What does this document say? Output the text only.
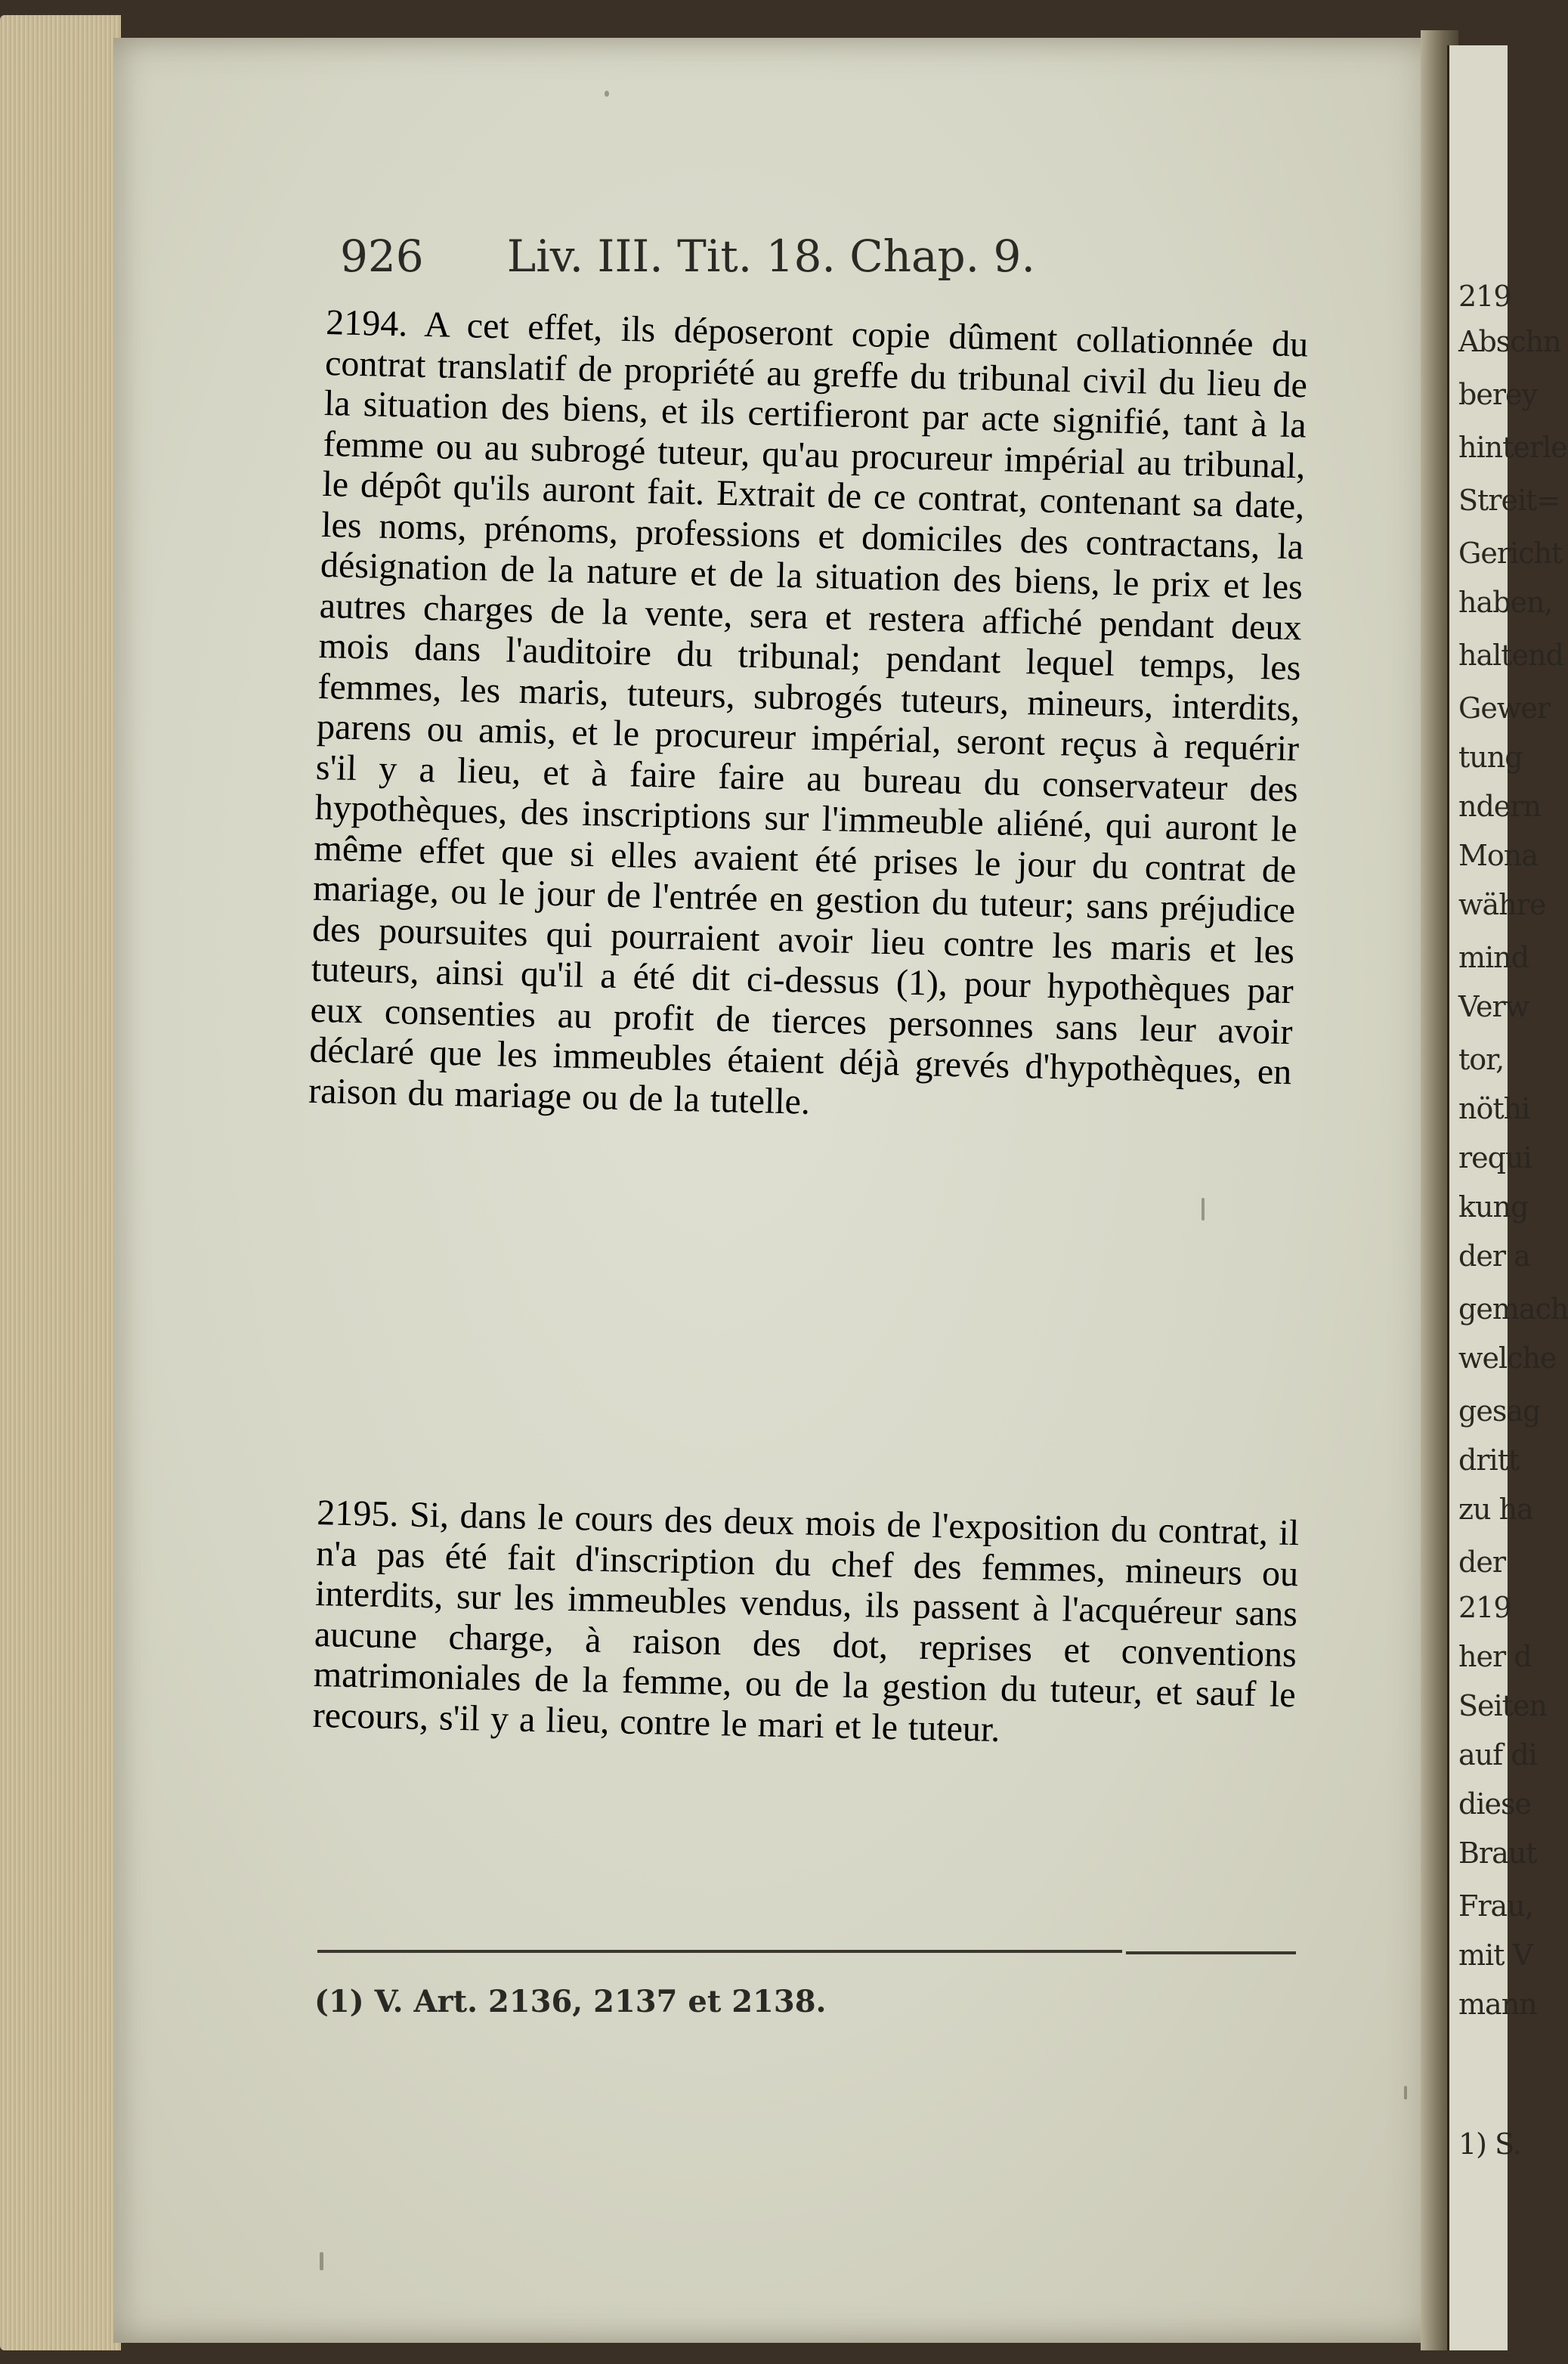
926 Liv. III. Tit. 18. Chap. 9.
2194. A cet effet, ils déposeront copie dûment collationnée du contrat translatif de propriété au greffe du tribunal civil du lieu de la situation des biens, et ils certifieront par acte signifié, tant à la femme ou au subrogé tuteur, qu'au procureur impérial au tribunal, le dépôt qu'ils auront fait. Extrait de ce contrat, contenant sa date, les noms, prénoms, professions et domiciles des contractans, la désignation de la nature et de la situation des biens, le prix et les autres charges de la vente, sera et restera affiché pendant deux mois dans l'auditoire du tribunal; pendant lequel temps, les femmes, les maris, tuteurs, subrogés tuteurs, mineurs, interdits, parens ou amis, et le procureur impérial, seront reçus à requérir s'il y a lieu, et à faire faire au bureau du conservateur des hypothèques, des inscriptions sur l'immeuble aliéné, qui auront le même effet que si elles avaient été prises le jour du contrat de mariage, ou le jour de l'entrée en gestion du tuteur; sans préjudice des poursuites qui pourraient avoir lieu contre les maris et les tuteurs, ainsi qu'il a été dit ci-dessus (1), pour hypothèques par eux consenties au profit de tierces personnes sans leur avoir déclaré que les immeubles étaient déjà grevés d'hypothèques, en raison du mariage ou de la tutelle.
2195. Si, dans le cours des deux mois de l'exposition du contrat, il n'a pas été fait d'inscription du chef des femmes, mineurs ou interdits, sur les immeubles vendus, ils passent à l'acquéreur sans aucune charge, à raison des dot, reprises et conventions matrimoniales de la femme, ou de la gestion du tuteur, et sauf le recours, s'il y a lieu, contre le mari et le tuteur.
(1) V. Art. 2136, 2137 et 2138.
219
Abschn
berey
hinterle
Streit=
Gericht
haben,
haltend
Gewer
tung
ndern
Mona
währe
mind
Verw
tor,
nöthi
requi
kung
der a
gemach
welche
gesag
dritt
zu ha
der
219
her d
Seiten
auf di
diese
Braut
Frau,
mit V
mann
1) S.
